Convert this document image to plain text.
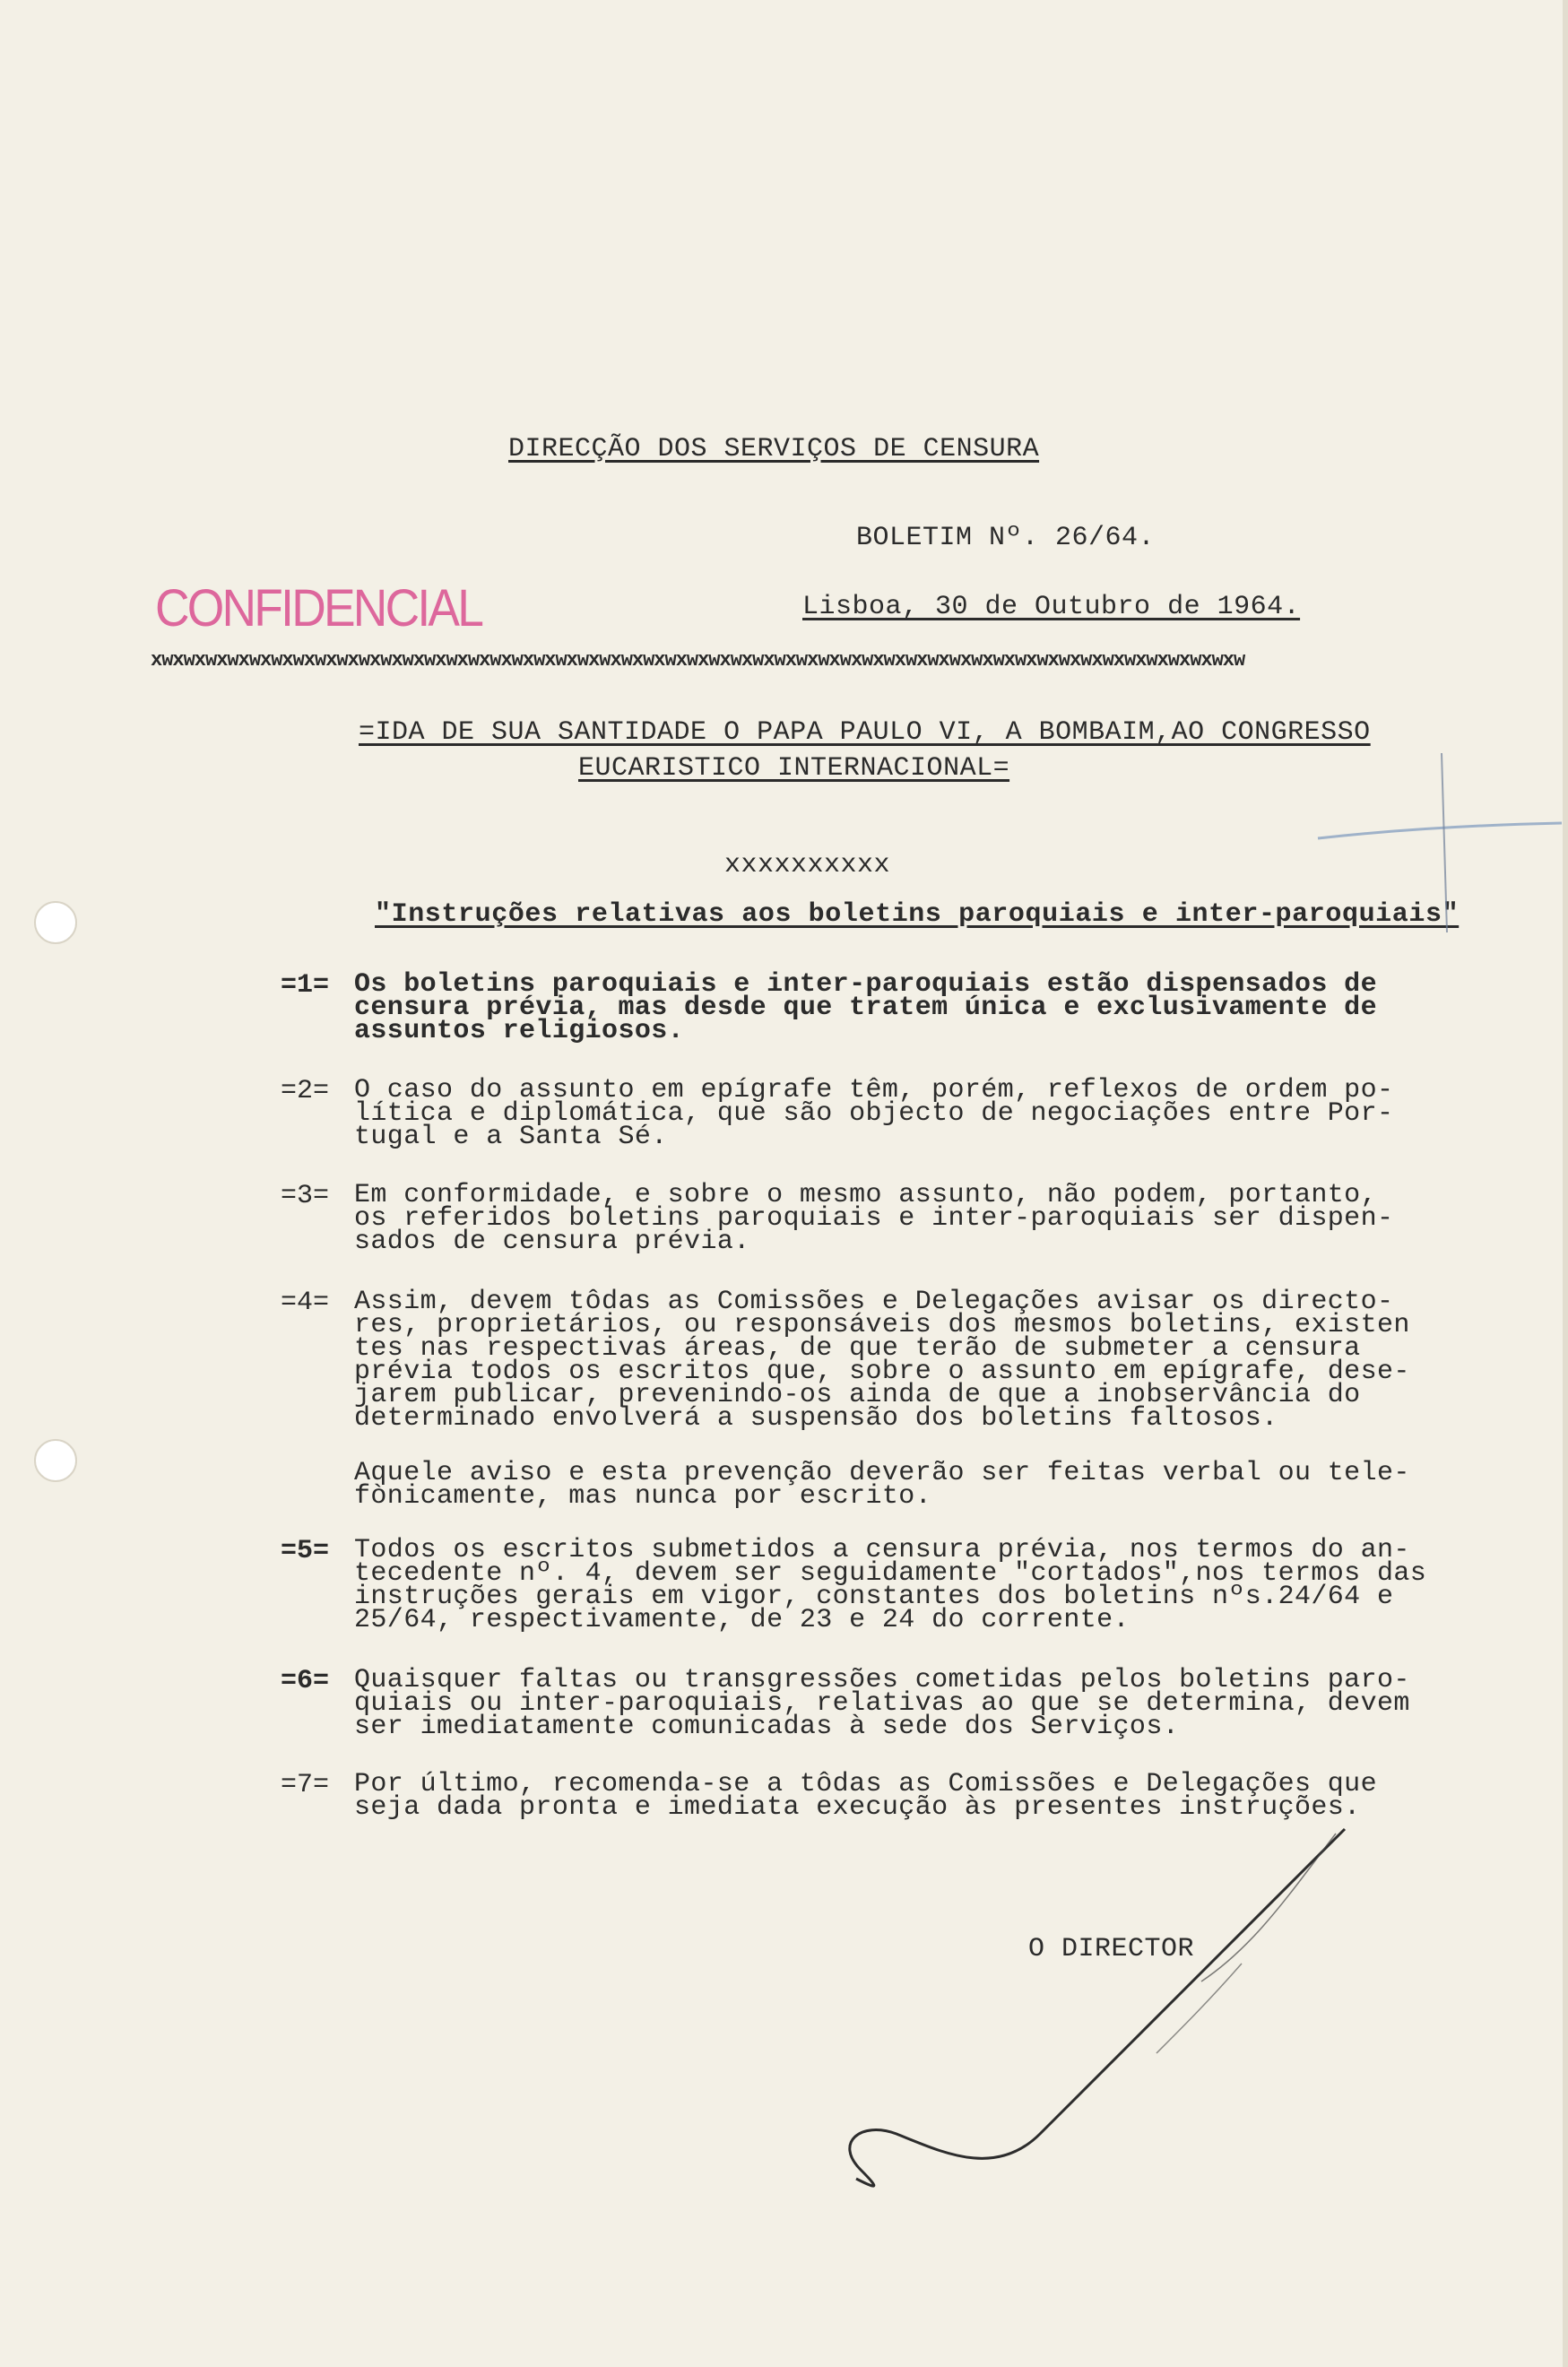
DIRECÇÃO DOS SERVIÇOS DE CENSURA
BOLETIM Nº. 26/64.
CONFIDENCIAL	Lisboa, 30 de Outubro de 1964.
xwxwxwxwxwxwxwxwxwxwxwxwxwxwxwxwxwxwxwxwxwxwxwxwxwxwxwxwxwxwxwxwxwxwxwxwxwxwxwxwxwxwxwxwxwxwxwxwxwxw
=IDA DE SUA SANTIDADE O PAPA PAULO VI, A BOMBAIM,AO CONGRESSO
EUCARISTICO INTERNACIONAL=
xxxxxxxxxx
"Instruções relativas aos boletins paroquiais e inter-paroquiais"
=1= Os boletins paroquiais e inter-paroquiais estão dispensados de
censura prévia, mas desde que tratem única e exclusivamente de
assuntos religiosos.
=2= O caso do assunto em epígrafe têm, porém, reflexos de ordem po-
lítica e diplomática, que são objecto de negociações entre Por-
tugal e a Santa Sé.
=3= Em conformidade, e sobre o mesmo assunto, não podem, portanto,
os referidos boletins paroquiais e inter-paroquiais ser dispen-
sados de censura prévia.
=4= Assim, devem tôdas as Comissões e Delegações avisar os directo-
res, proprietários, ou responsáveis dos mesmos boletins, existen
tes nas respectivas áreas, de que terão de submeter a censura
prévia todos os escritos que, sobre o assunto em epígrafe, dese-
jarem publicar, prevenindo-os ainda de que a inobservância do
determinado envolverá a suspensão dos boletins faltosos.
Aquele aviso e esta prevenção deverão ser feitas verbal ou tele-
fònicamente, mas nunca por escrito.
=5= Todos os escritos submetidos a censura prévia, nos termos do an-
tecedente nº. 4, devem ser seguidamente "cortados",nos termos das
instruções gerais em vigor, constantes dos boletins nºs.24/64 e
25/64, respectivamente, de 23 e 24 do corrente.
=6= Quaisquer faltas ou transgressões cometidas pelos boletins paro-
quiais ou inter-paroquiais, relativas ao que se determina, devem
ser imediatamente comunicadas à sede dos Serviços.
=7= Por último, recomenda-se a tôdas as Comissões e Delegações que
seja dada pronta e imediata execução às presentes instruções.
O DIRECTOR
